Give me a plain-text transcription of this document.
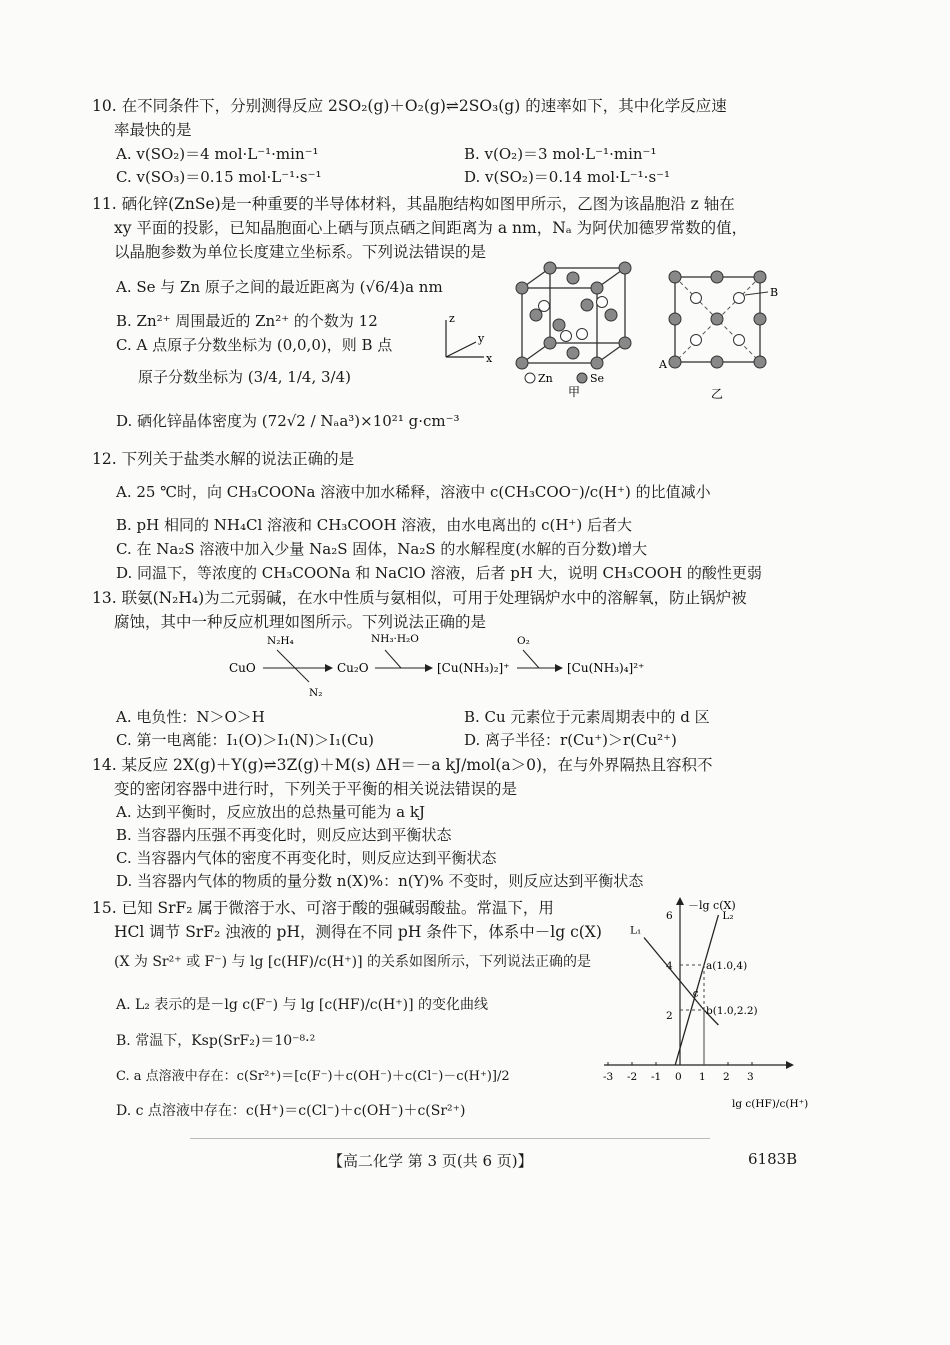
10. 在不同条件下，分别测得反应 2SO₂(g)＋O₂(g)⇌2SO₃(g) 的速率如下，其中化学反应速
率最快的是
A. v(SO₂)＝4 mol·L⁻¹·min⁻¹	B. v(O₂)＝3 mol·L⁻¹·min⁻¹
C. v(SO₃)＝0.15 mol·L⁻¹·s⁻¹	D. v(SO₂)＝0.14 mol·L⁻¹·s⁻¹
11. 硒化锌(ZnSe)是一种重要的半导体材料，其晶胞结构如图甲所示，乙图为该晶胞沿 z 轴在
xy 平面的投影，已知晶胞面心上硒与顶点硒之间距离为 a nm，Nₐ 为阿伏加德罗常数的值，
以晶胞参数为单位长度建立坐标系。下列说法错误的是
A. Se 与 Zn 原子之间的最近距离为 (√6/4)a nm
B. Zn²⁺ 周围最近的 Zn²⁺ 的个数为 12
C. A 点原子分数坐标为 (0,0,0)，则 B 点
原子分数坐标为 (3/4, 1/4, 3/4)
D. 硒化锌晶体密度为 (72√2 / Nₐa³)×10²¹ g·cm⁻³
z
y
x
Zn	Se
甲
B
A
乙
12. 下列关于盐类水解的说法正确的是
A. 25 ℃时，向 CH₃COONa 溶液中加水稀释，溶液中 c(CH₃COO⁻)/c(H⁺) 的比值减小
B. pH 相同的 NH₄Cl 溶液和 CH₃COOH 溶液，由水电离出的 c(H⁺) 后者大
C. 在 Na₂S 溶液中加入少量 Na₂S 固体，Na₂S 的水解程度(水解的百分数)增大
D. 同温下，等浓度的 CH₃COONa 和 NaClO 溶液，后者 pH 大，说明 CH₃COOH 的酸性更弱
13. 联氨(N₂H₄)为二元弱碱，在水中性质与氨相似，可用于处理锅炉水中的溶解氧，防止锅炉被
腐蚀，其中一种反应机理如图所示。下列说法正确的是
CuO
N₂H₄
N₂
Cu₂O
NH₃·H₂O
[Cu(NH₃)₂]⁺
O₂
[Cu(NH₃)₄]²⁺
A. 电负性：N＞O＞H	B. Cu 元素位于元素周期表中的 d 区
C. 第一电离能：I₁(O)＞I₁(N)＞I₁(Cu)	D. 离子半径：r(Cu⁺)＞r(Cu²⁺)
14. 某反应 2X(g)＋Y(g)⇌3Z(g)＋M(s) ΔH＝－a kJ/mol(a＞0)，在与外界隔热且容积不
变的密闭容器中进行时，下列关于平衡的相关说法错误的是
A. 达到平衡时，反应放出的总热量可能为 a kJ
B. 当容器内压强不再变化时，则反应达到平衡状态
C. 当容器内气体的密度不再变化时，则反应达到平衡状态
D. 当容器内气体的物质的量分数 n(X)%：n(Y)% 不变时，则反应达到平衡状态
15. 已知 SrF₂ 属于微溶于水、可溶于酸的强碱弱酸盐。常温下，用
HCl 调节 SrF₂ 浊液的 pH，测得在不同 pH 条件下，体系中－lg c(X)
(X 为 Sr²⁺ 或 F⁻) 与 lg [c(HF)/c(H⁺)] 的关系如图所示，下列说法正确的是
A. L₂ 表示的是－lg c(F⁻) 与 lg [c(HF)/c(H⁺)] 的变化曲线
B. 常温下，Ksp(SrF₂)＝10⁻⁸·²
C. a 点溶液中存在：c(Sr²⁺)＝[c(F⁻)＋c(OH⁻)＋c(Cl⁻)－c(H⁺)]/2
D. c 点溶液中存在：c(H⁺)＝c(Cl⁻)＋c(OH⁻)＋c(Sr²⁺)
－lg c(X)
lg c(HF)/c(H⁺)
-3 -2 -1 0 1 2 3
2
4
6
L₁
L₂
a(1.0,4)
b(1.0,2.2)
c
【高二化学 第 3 页(共 6 页)】	6183B
